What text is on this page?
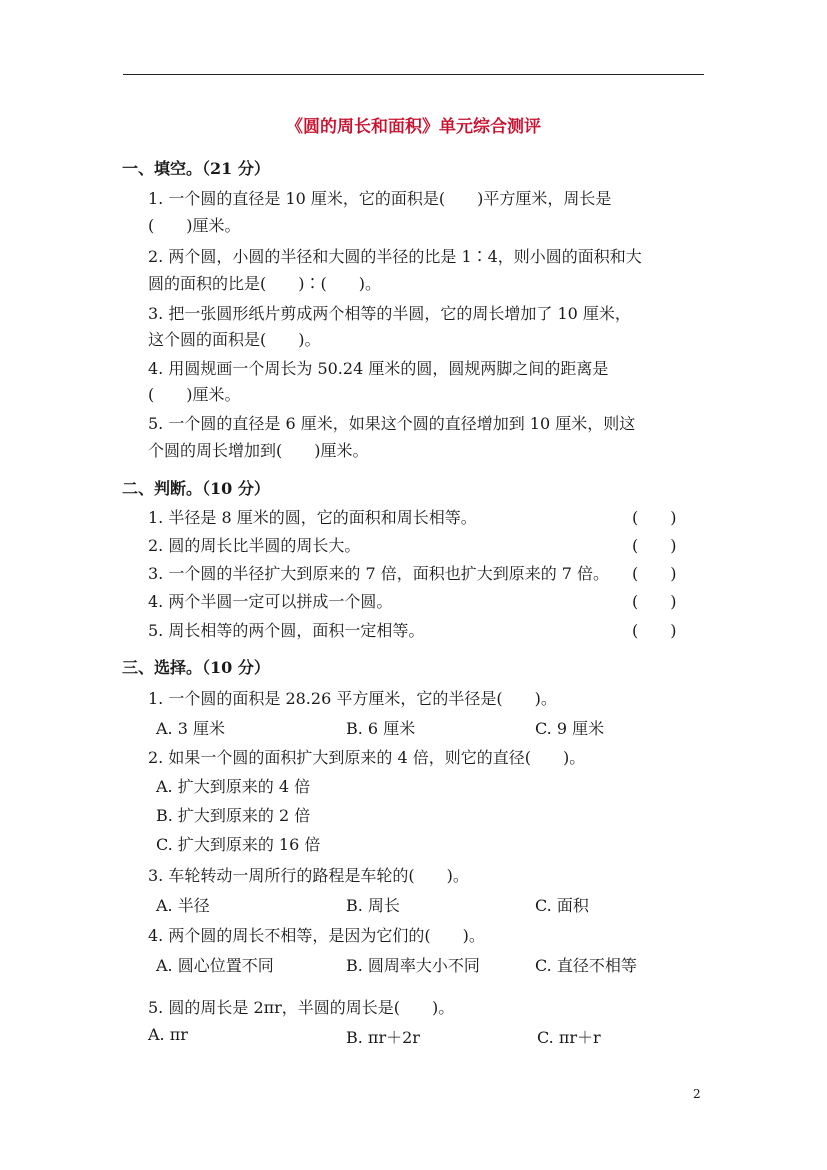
《圆的周长和面积》单元综合测评
一、填空。（21 分）
1. 一个圆的直径是 10 厘米，它的面积是(　　)平方厘米，周长是
(　　)厘米。
2. 两个圆，小圆的半径和大圆的半径的比是 1∶4，则小圆的面积和大
圆的面积的比是(　　)∶(　　)。
3. 把一张圆形纸片剪成两个相等的半圆，它的周长增加了 10 厘米，
这个圆的面积是(　　)。
4. 用圆规画一个周长为 50.24 厘米的圆，圆规两脚之间的距离是
(　　)厘米。
5. 一个圆的直径是 6 厘米，如果这个圆的直径增加到 10 厘米，则这
个圆的周长增加到(　　)厘米。
二、判断。（10 分）
1. 半径是 8 厘米的圆，它的面积和周长相等。	(　　)
2. 圆的周长比半圆的周长大。	(　　)
3. 一个圆的半径扩大到原来的 7 倍，面积也扩大到原来的 7 倍。 (　　)
4. 两个半圆一定可以拼成一个圆。	(　　)
5. 周长相等的两个圆，面积一定相等。	(　　)
三、选择。（10 分）
1. 一个圆的面积是 28.26 平方厘米，它的半径是(　　)。
A. 3 厘米	B. 6 厘米	C. 9 厘米
2. 如果一个圆的面积扩大到原来的 4 倍，则它的直径(　　)。
A. 扩大到原来的 4 倍
B. 扩大到原来的 2 倍
C. 扩大到原来的 16 倍
3. 车轮转动一周所行的路程是车轮的(　　)。
A. 半径	B. 周长	C. 面积
4. 两个圆的周长不相等，是因为它们的(　　)。
A. 圆心位置不同	B. 圆周率大小不同	C. 直径不相等
5. 圆的周长是 2πr，半圆的周长是(　　)。
A. πr	B. πr＋2r	C. πr＋r
2
